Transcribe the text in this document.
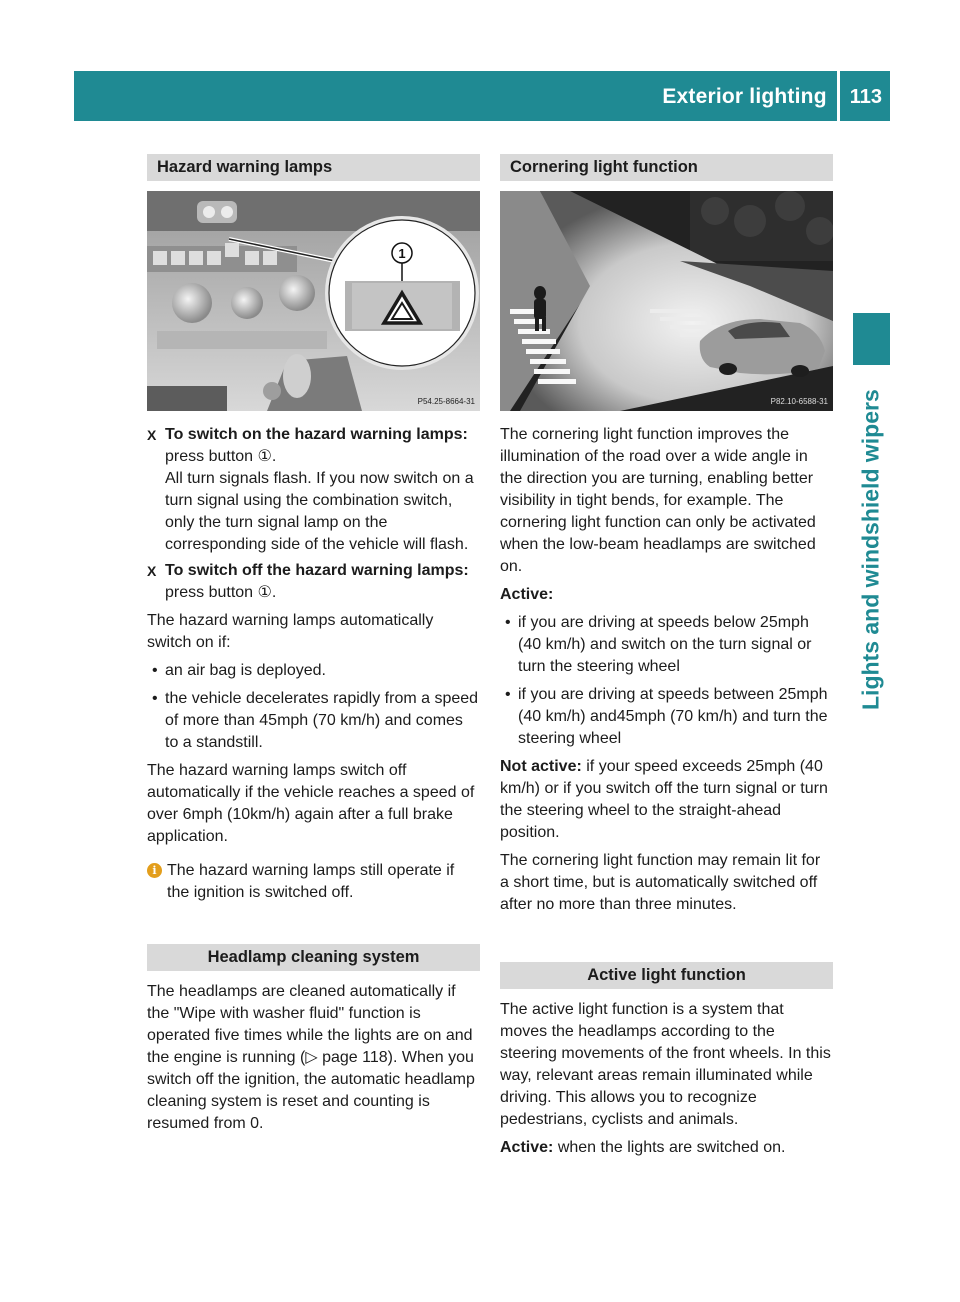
Exterior lighting	113
Lights and windshield wipers
Hazard warning lamps
1
P54.25-8664-31
X To switch on the hazard warning lamps:
press button ①.
All turn signals flash. If you now switch on a turn signal using the combination switch, only the turn signal lamp on the corresponding side of the vehicle will flash.
X To switch off the hazard warning lamps: press button ①.

The hazard warning lamps automatically switch on if:

• an air bag is deployed.
• the vehicle decelerates rapidly from a speed of more than 45mph (70 km/h) and comes to a standstill.

The hazard warning lamps switch off automatically if the vehicle reaches a speed of over 6mph (10km/h) again after a full brake application.

i The hazard warning lamps still operate if the ignition is switched off.
Headlamp cleaning system

The headlamps are cleaned automatically if the "Wipe with washer fluid" function is operated five times while the lights are on and the engine is running (▷ page 118). When you switch off the ignition, the automatic headlamp cleaning system is reset and counting is resumed from 0.

Cornering light function
P82.10-6588-31

The cornering light function improves the illumination of the road over a wide angle in the direction you are turning, enabling better visibility in tight bends, for example. The cornering light function can only be activated when the low-beam headlamps are switched on.

Active:

• if you are driving at speeds below 25mph (40 km/h) and switch on the turn signal or turn the steering wheel
• if you are driving at speeds between 25mph (40 km/h) and45mph (70 km/h) and turn the steering wheel

Not active: if your speed exceeds 25mph (40 km/h) or if you switch off the turn signal or turn the steering wheel to the straight-ahead position.

The cornering light function may remain lit for a short time, but is automatically switched off after no more than three minutes.

Active light function

The active light function is a system that moves the headlamps according to the steering movements of the front wheels. In this way, relevant areas remain illuminated while driving. This allows you to recognize pedestrians, cyclists and animals.

Active: when the lights are switched on.
